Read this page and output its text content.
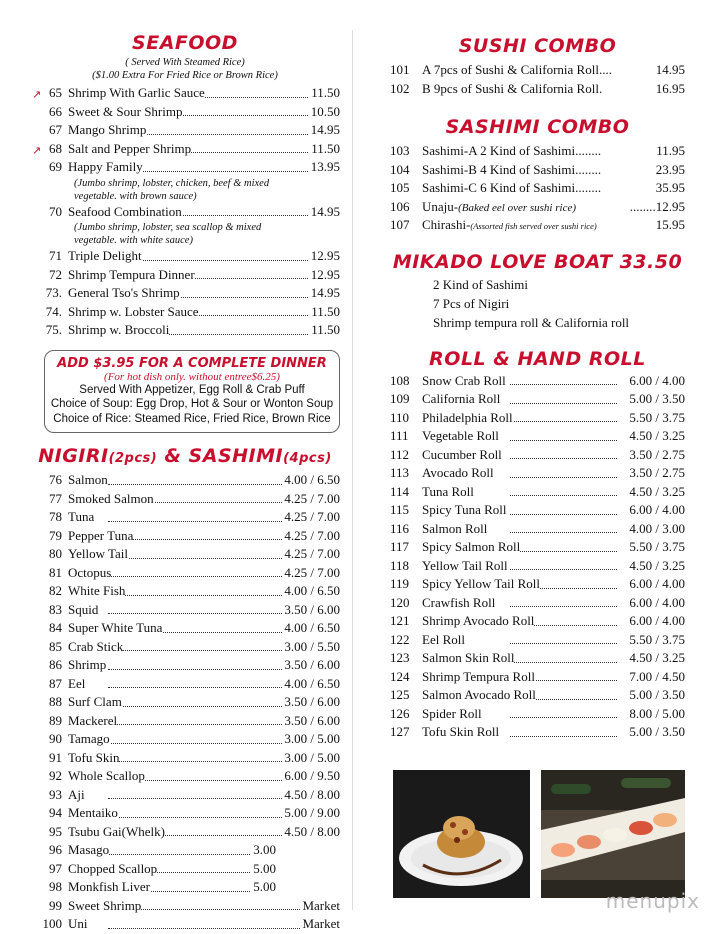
SEAFOOD
( Served With Steamed Rice)
($1.00 Extra For Fried Rice or Brown Rice)
↗ 65 Shrimp With Garlic Sauce	11.50
66 Sweet & Sour Shrimp	10.50
67 Mango Shrimp	14.95
↗ 68 Salt and Pepper Shrimp	11.50
69 Happy Family	13.95
(Jumbo shrimp, lobster, chicken, beef & mixed vegetable. with brown sauce)
70 Seafood Combination	14.95
(Jumbo shrimp, lobster, sea scallop & mixed vegetable. with white sauce)
71 Triple Delight	12.95
72 Shrimp Tempura Dinner	12.95
73. General Tso's Shrimp	14.95
74. Shrimp w. Lobster Sauce	11.50
75. Shrimp w. Broccoli	11.50
ADD $3.95 FOR A COMPLETE DINNER
(For hot dish only. without entree$6.25)
Served With Appetizer, Egg Roll & Crab Puff
Choice of Soup: Egg Drop, Hot & Sour or Wonton Soup
Choice of Rice: Steamed Rice, Fried Rice, Brown Rice
NIGIRI(2pcs) & SASHIMI(4pcs)
76 Salmon	4.00 / 6.50
77 Smoked Salmon	4.25 / 7.00
78 Tuna	4.25 / 7.00
79 Pepper Tuna	4.25 / 7.00
80 Yellow Tail	4.25 / 7.00
81 Octopus	4.25 / 7.00
82 White Fish	4.00 / 6.50
83 Squid	3.50 / 6.00
84 Super White Tuna	4.00 / 6.50
85 Crab Stick	3.00 / 5.50
86 Shrimp	3.50 / 6.00
87 Eel	4.00 / 6.50
88 Surf Clam	3.50 / 6.00
89 Mackerel	3.50 / 6.00
90 Tamago	3.00 / 5.00
91 Tofu Skin	3.00 / 5.00
92 Whole Scallop	6.00 / 9.50
93 Aji	4.50 / 8.00
94 Mentaiko	5.00 / 9.00
95 Tsubu Gai(Whelk)	4.50 / 8.00
96 Masago	3.00
97 Chopped Scallop	5.00
98 Monkfish Liver	5.00
99 Sweet Shrimp	Market
100 Uni	Market
SUSHI COMBO
101 A 7pcs of Sushi & California Roll....	14.95
102 B 9pcs of Sushi & California Roll.	16.95
SASHIMI COMBO
103 Sashimi-A 2 Kind of Sashimi........	11.95
104 Sashimi-B 4 Kind of Sashimi........	23.95
105 Sashimi-C 6 Kind of Sashimi........	35.95
106 Unaju-(Baked eel over sushi rice)	........12.95
107 Chirashi-(Assorted fish served over sushi rice)	15.95
MIKADO LOVE BOAT 33.50
2 Kind of Sashimi
7 Pcs of Nigiri
Shrimp tempura roll & California roll
ROLL & HAND ROLL
108 Snow Crab Roll	6.00 / 4.00
109 California Roll	5.00 / 3.50
110 Philadelphia Roll	5.50 / 3.75
111 Vegetable Roll	4.50 / 3.25
112 Cucumber Roll	3.50 / 2.75
113 Avocado Roll	3.50 / 2.75
114 Tuna Roll	4.50 / 3.25
115 Spicy Tuna Roll	6.00 / 4.00
116 Salmon Roll	4.00 / 3.00
117 Spicy Salmon Roll	5.50 / 3.75
118 Yellow Tail Roll	4.50 / 3.25
119 Spicy Yellow Tail Roll	6.00 / 4.00
120 Crawfish Roll	6.00 / 4.00
121 Shrimp Avocado Roll	6.00 / 4.00
122 Eel Roll	5.50 / 3.75
123 Salmon Skin Roll	4.50 / 3.25
124 Shrimp Tempura Roll	7.00 / 4.50
125 Salmon Avocado Roll	5.00 / 3.50
126 Spider Roll	8.00 / 5.00
127 Tofu Skin Roll	5.00 / 3.50
menupix
